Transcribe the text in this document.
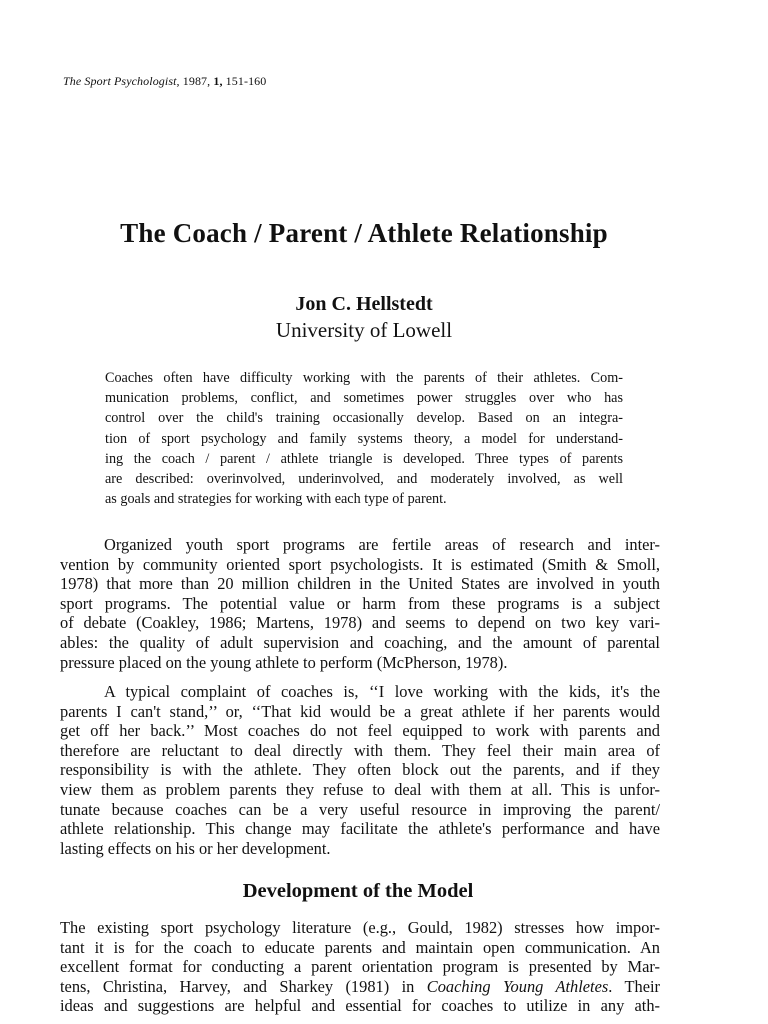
The Sport Psychologist, 1987, 1, 151-160
The Coach / Parent / Athlete Relationship
Jon C. Hellstedt
University of Lowell
Coaches often have difficulty working with the parents of their athletes. Com-
munication problems, conflict, and sometimes power struggles over who has
control over the child's training occasionally develop. Based on an integra-
tion of sport psychology and family systems theory, a model for understand-
ing the coach / parent / athlete triangle is developed. Three types of parents
are described: overinvolved, underinvolved, and moderately involved, as well
as goals and strategies for working with each type of parent.
Organized youth sport programs are fertile areas of research and inter-
vention by community oriented sport psychologists. It is estimated (Smith & Smoll,
1978) that more than 20 million children in the United States are involved in youth
sport programs. The potential value or harm from these programs is a subject
of debate (Coakley, 1986; Martens, 1978) and seems to depend on two key vari-
ables: the quality of adult supervision and coaching, and the amount of parental
pressure placed on the young athlete to perform (McPherson, 1978).
A typical complaint of coaches is, ‘‘I love working with the kids, it's the
parents I can't stand,’’ or, ‘‘That kid would be a great athlete if her parents would
get off her back.’’ Most coaches do not feel equipped to work with parents and
therefore are reluctant to deal directly with them. They feel their main area of
responsibility is with the athlete. They often block out the parents, and if they
view them as problem parents they refuse to deal with them at all. This is unfor-
tunate because coaches can be a very useful resource in improving the parent/
athlete relationship. This change may facilitate the athlete's performance and have
lasting effects on his or her development.
Development of the Model
The existing sport psychology literature (e.g., Gould, 1982) stresses how impor-
tant it is for the coach to educate parents and maintain open communication. An
excellent format for conducting a parent orientation program is presented by Mar-
tens, Christina, Harvey, and Sharkey (1981) in Coaching Young Athletes. Their
ideas and suggestions are helpful and essential for coaches to utilize in any ath-
